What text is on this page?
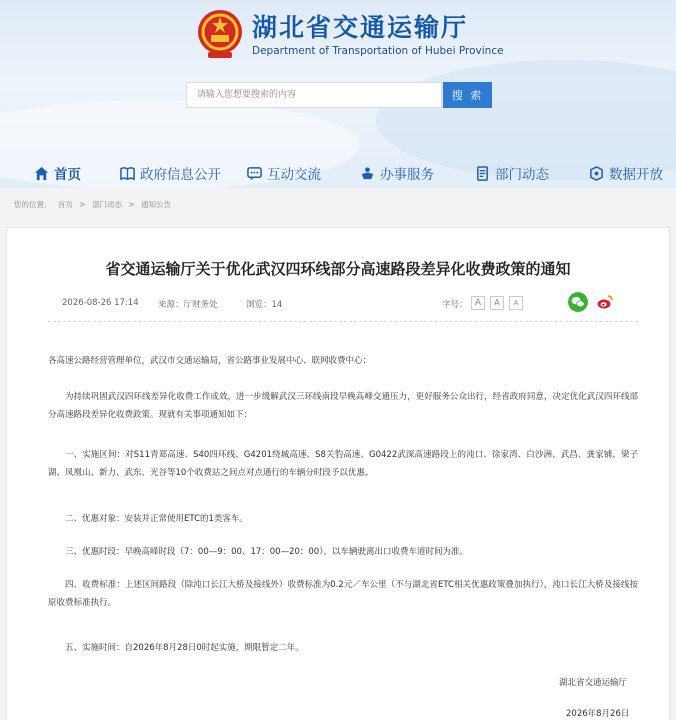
湖北省交通运输厅
Department of Transportation of Hubei Province
请输入您想要搜索的内容
搜 索
首页	政府信息公开	互动交流	办事服务	部门动态	数据开放
您的位置： 首页 > 部门动态 > 通知公告
省交通运输厅关于优化武汉四环线部分高速路段差异化收费政策的通知
2026-08-26 17:14 来源：厅财务处	浏览：14	字号： A	A	A
各高速公路经营管理单位，武汉市交通运输局，省公路事业发展中心、联网收费中心：
为持续巩固武汉四环线差异化收费工作成效，进一步缓解武汉三环线南段早晚高峰交通压力，更好服务公众出行，经省政府同意，决定优化武汉四环线部分高速路段差异化收费政策。现就有关事项通知如下：
一、实施区间：对S11青郑高速、S40四环线、G4201绕城高速、S8关豹高速、G0422武深高速路段上的沌口、徐家湾、白沙洲、武昌、龚家铺、梁子湖、凤凰山、新力、武东、光谷等10个收费站之间点对点通行的车辆分时段予以优惠。
二、优惠对象：安装并正常使用ETC的1类客车。
三、优惠时段：早晚高峰时段（7：00—9：00、17：00—20：00），以车辆驶离出口收费车道时间为准。
四、收费标准：上述区间路段（除沌口长江大桥及接线外）收费标准为0.2元／车公里（不与湖北省ETC相关优惠政策叠加执行），沌口长江大桥及接线按原收费标准执行。
五、实施时间：自2026年8月28日0时起实施，期限暂定二年。
湖北省交通运输厅
2026年8月26日
